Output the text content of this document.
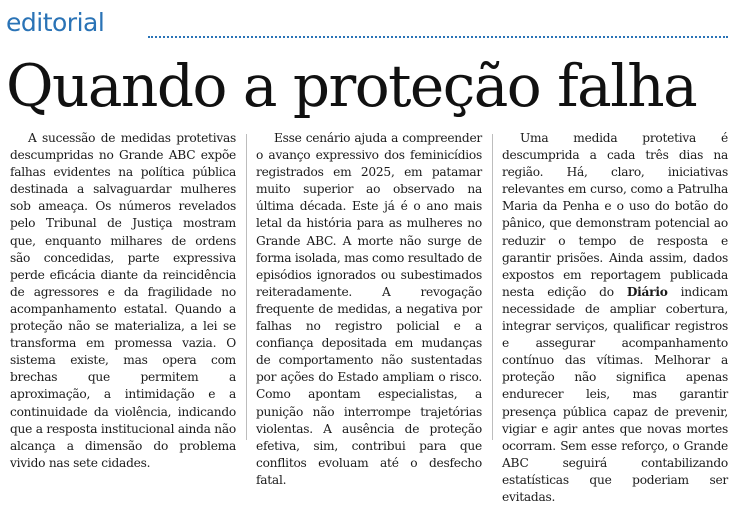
editorial
Quando a proteção falha

A sucessão de medidas protetivas descumpridas no Grande ABC expõe falhas evidentes na política pública destinada a salvaguardar mulheres sob ameaça. Os números revelados pelo Tribunal de Justiça mostram que, enquanto milhares de ordens são concedidas, parte expressiva perde eficácia diante da reincidência de agressores e da fragilidade no acompanhamento estatal. Quando a proteção não se materializa, a lei se transforma em promessa vazia. O sistema existe, mas opera com brechas que permitem a aproximação, a intimidação e a continuidade da violência, indicando que a resposta institucional ainda não alcança a dimensão do problema vivido nas sete cidades.

Esse cenário ajuda a compreender o avanço expressivo dos feminicídios registrados em 2025, em patamar muito superior ao observado na última década. Este já é o ano mais letal da história para as mulheres no Grande ABC. A morte não surge de forma isolada, mas como resultado de episódios ignorados ou subestimados reiteradamente. A revogação frequente de medidas, a negativa por falhas no registro policial e a confiança depositada em mudanças de comportamento não sustentadas por ações do Estado ampliam o risco. Como apontam especialistas, a punição não interrompe trajetórias violentas. A ausência de proteção efetiva, sim, contribui para que conflitos evoluam até o desfecho fatal.

Uma medida protetiva é descumprida a cada três dias na região. Há, claro, iniciativas relevantes em curso, como a Patrulha Maria da Penha e o uso do botão do pânico, que demonstram potencial ao reduzir o tempo de resposta e garantir prisões. Ainda assim, dados expostos em reportagem publicada nesta edição do Diário indicam necessidade de ampliar cobertura, integrar serviços, qualificar registros e assegurar acompanhamento contínuo das vítimas. Melhorar a proteção não significa apenas endurecer leis, mas garantir presença pública capaz de prevenir, vigiar e agir antes que novas mortes ocorram. Sem esse reforço, o Grande ABC seguirá contabilizando estatísticas que poderiam ser evitadas.
